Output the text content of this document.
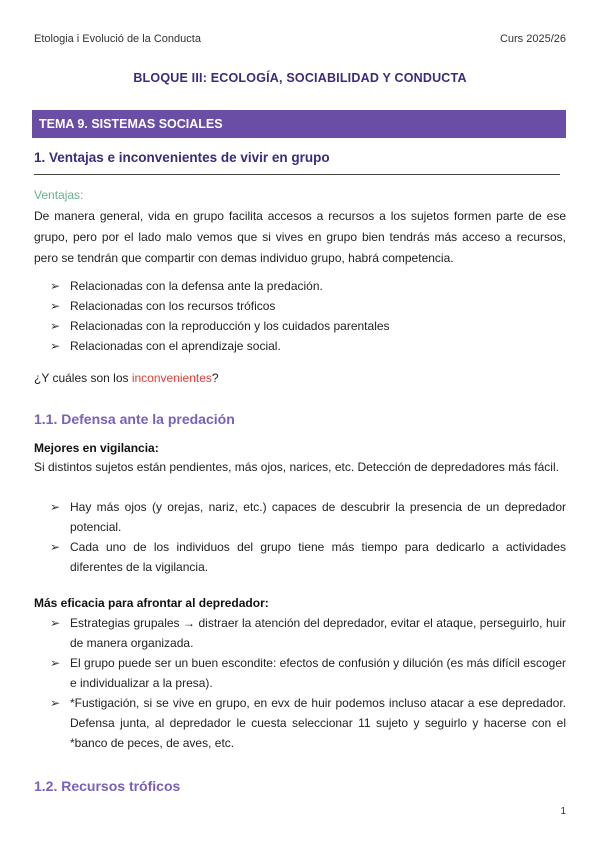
Etologia i Evolució de la Conducta	Curs 2025/26
BLOQUE III: ECOLOGÍA, SOCIABILIDAD Y CONDUCTA
TEMA 9. SISTEMAS SOCIALES
1. Ventajas e inconvenientes de vivir en grupo
Ventajas:
De manera general, vida en grupo facilita accesos a recursos a los sujetos formen parte de ese grupo, pero por el lado malo vemos que si vives en grupo bien tendrás más acceso a recursos, pero se tendrán que compartir con demas individuo grupo, habrá competencia.
➢ Relacionadas con la defensa ante la predación.
➢ Relacionadas con los recursos tróficos
➢ Relacionadas con la reproducción y los cuidados parentales
➢ Relacionadas con el aprendizaje social.
¿Y cuáles son los inconvenientes?
1.1. Defensa ante la predación
Mejores en vigilancia:
Si distintos sujetos están pendientes, más ojos, narices, etc. Detección de depredadores más fácil.
➢ Hay más ojos (y orejas, nariz, etc.) capaces de descubrir la presencia de un depredador potencial.
➢ Cada uno de los individuos del grupo tiene más tiempo para dedicarlo a actividades diferentes de la vigilancia.
Más eficacia para afrontar al depredador:
➢ Estrategias grupales → distraer la atención del depredador, evitar el ataque, perseguirlo, huir de manera organizada.
➢ El grupo puede ser un buen escondite: efectos de confusión y dilución (es más difícil escoger e individualizar a la presa).
➢ *Fustigación, si se vive en grupo, en evx de huir podemos incluso atacar a ese depredador. Defensa junta, al depredador le cuesta seleccionar 11 sujeto y seguirlo y hacerse con el *banco de peces, de aves, etc.
1.2. Recursos tróficos
1
